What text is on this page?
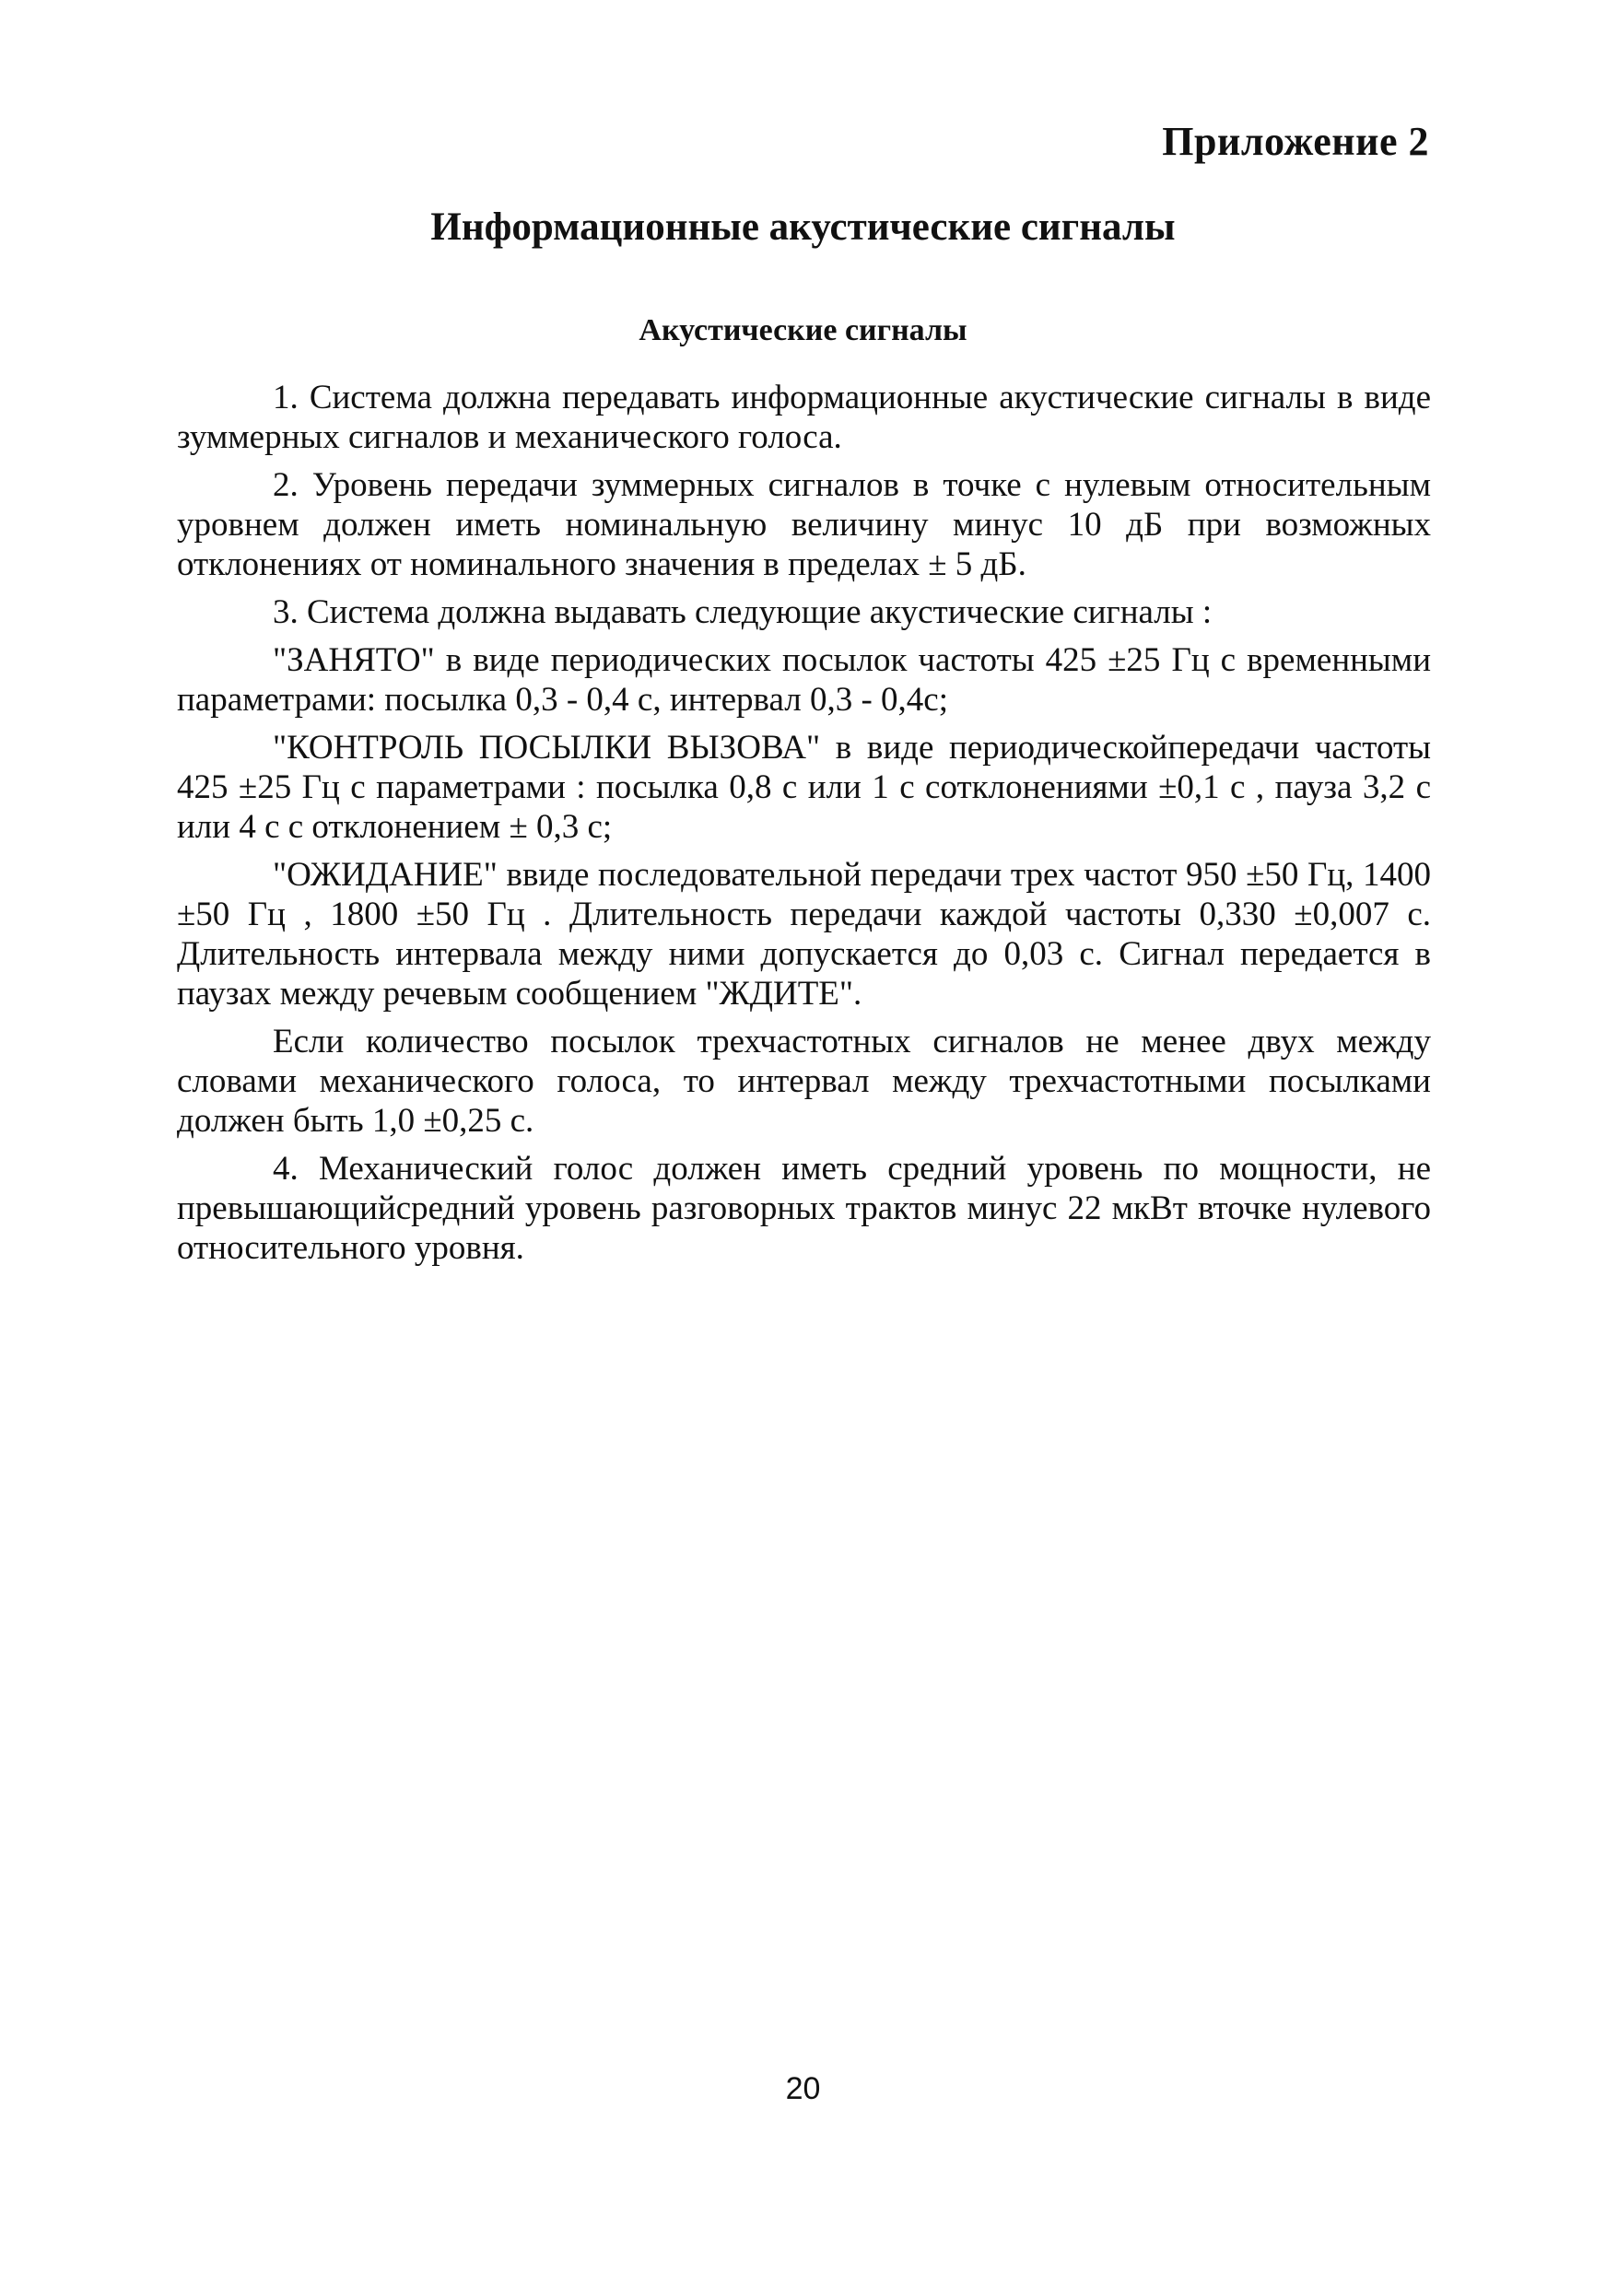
Приложение 2
Информационные акустические сигналы
Акустические сигналы

1. Система должна передавать информационные акустические сигналы в виде зуммерных сигналов и механического голоса.

2. Уровень передачи зуммерных сигналов в точке с нулевым относительным уровнем должен иметь номинальную величину минус 10 дБ при возможных отклонениях от номинального значения в пределах ± 5 дБ.

3. Система должна выдавать следующие акустические сигналы :

"ЗАНЯТО" в виде периодических посылок частоты 425 ±25 Гц с временными параметрами: посылка 0,3 - 0,4 с, интервал 0,3 - 0,4с;

"КОНТРОЛЬ ПОСЫЛКИ ВЫЗОВА" в виде периодическойпередачи частоты 425 ±25 Гц с параметрами : посылка 0,8 с или 1 с сотклонениями ±0,1 с , пауза 3,2 с или 4 с с отклонением ± 0,3 с;

"ОЖИДАНИЕ" ввиде последовательной передачи трех частот 950 ±50 Гц, 1400 ±50 Гц , 1800 ±50 Гц . Длительность передачи каждой частоты 0,330 ±0,007 с. Длительность интервала между ними допускается до 0,03 с. Сигнал передается в паузах между речевым сообщением "ЖДИТЕ".

Если количество посылок трехчастотных сигналов не менее двух между словами механического голоса, то интервал между трехчастотными посылками должен быть 1,0 ±0,25 с.

4. Механический голос должен иметь средний уровень по мощности, не превышающийсредний уровень разговорных трактов минус 22 мкВт вточке нулевого относительного уровня.

20
